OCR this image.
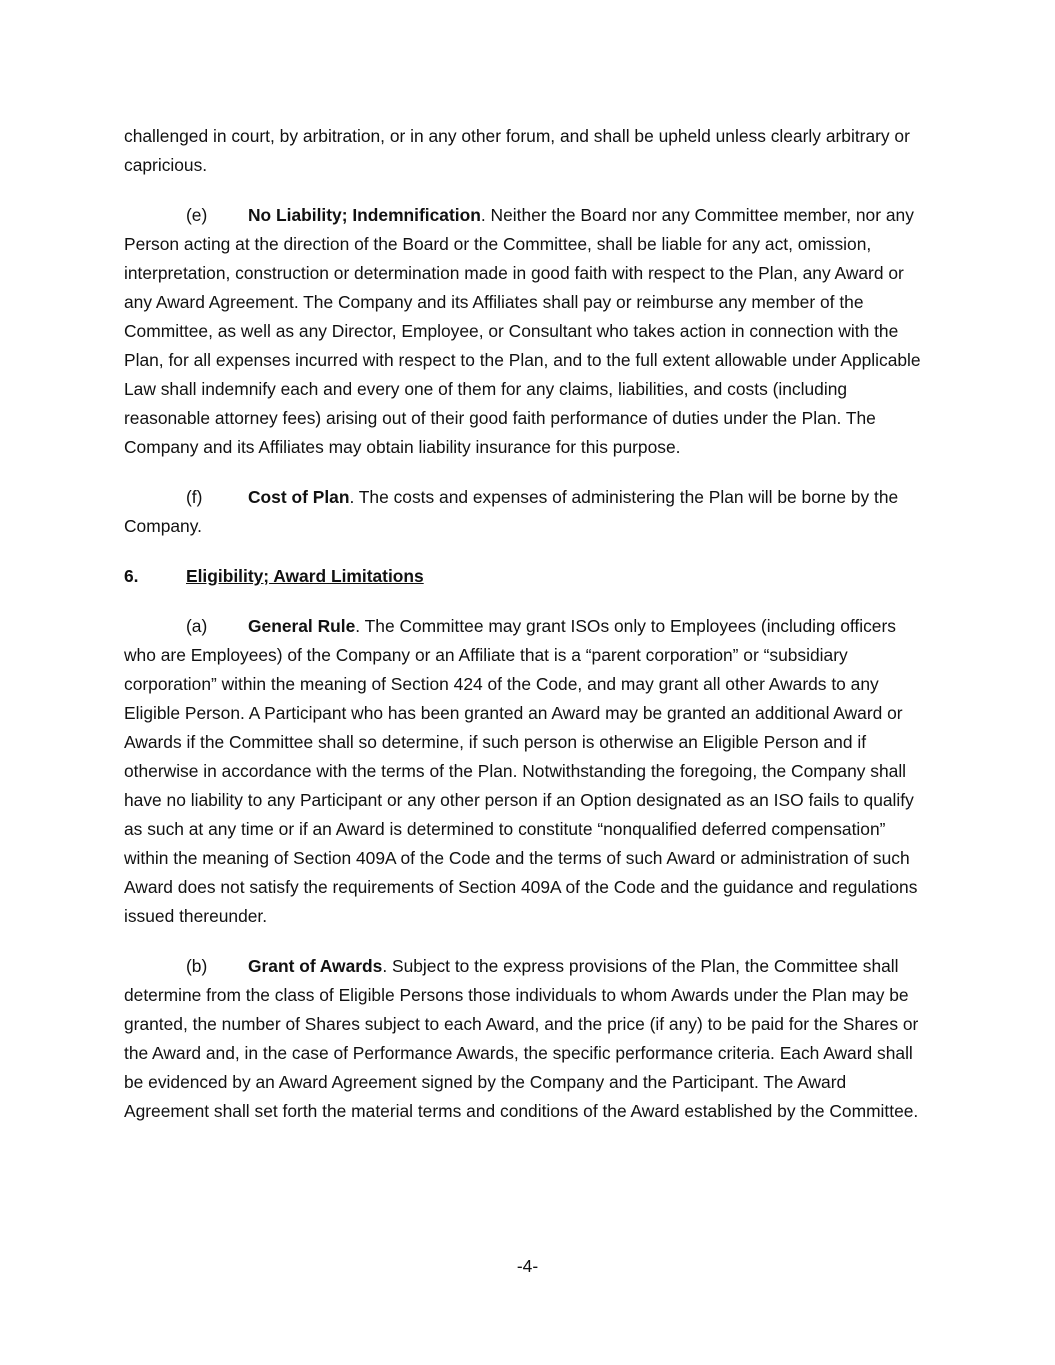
challenged in court, by arbitration, or in any other forum, and shall be upheld unless clearly arbitrary or capricious.

(e) No Liability; Indemnification. Neither the Board nor any Committee member, nor any Person acting at the direction of the Board or the Committee, shall be liable for any act, omission, interpretation, construction or determination made in good faith with respect to the Plan, any Award or any Award Agreement. The Company and its Affiliates shall pay or reimburse any member of the Committee, as well as any Director, Employee, or Consultant who takes action in connection with the Plan, for all expenses incurred with respect to the Plan, and to the full extent allowable under Applicable Law shall indemnify each and every one of them for any claims, liabilities, and costs (including reasonable attorney fees) arising out of their good faith performance of duties under the Plan. The Company and its Affiliates may obtain liability insurance for this purpose.

(f)	Cost of Plan. The costs and expenses of administering the Plan will be borne by the Company.

6.	Eligibility; Award Limitations

(a) General Rule. The Committee may grant ISOs only to Employees (including officers who are Employees) of the Company or an Affiliate that is a “parent corporation” or “subsidiary corporation” within the meaning of Section 424 of the Code, and may grant all other Awards to any Eligible Person. A Participant who has been granted an Award may be granted an additional Award or Awards if the Committee shall so determine, if such person is otherwise an Eligible Person and if otherwise in accordance with the terms of the Plan. Notwithstanding the foregoing, the Company shall have no liability to any Participant or any other person if an Option designated as an ISO fails to qualify as such at any time or if an Award is determined to constitute “nonqualified deferred compensation” within the meaning of Section 409A of the Code and the terms of such Award or administration of such Award does not satisfy the requirements of Section 409A of the Code and the guidance and regulations issued thereunder.

(b) Grant of Awards. Subject to the express provisions of the Plan, the Committee shall determine from the class of Eligible Persons those individuals to whom Awards under the Plan may be granted, the number of Shares subject to each Award, and the price (if any) to be paid for the Shares or the Award and, in the case of Performance Awards, the specific performance criteria. Each Award shall be evidenced by an Award Agreement signed by the Company and the Participant. The Award Agreement shall set forth the material terms and conditions of the Award established by the Committee.

-4-
